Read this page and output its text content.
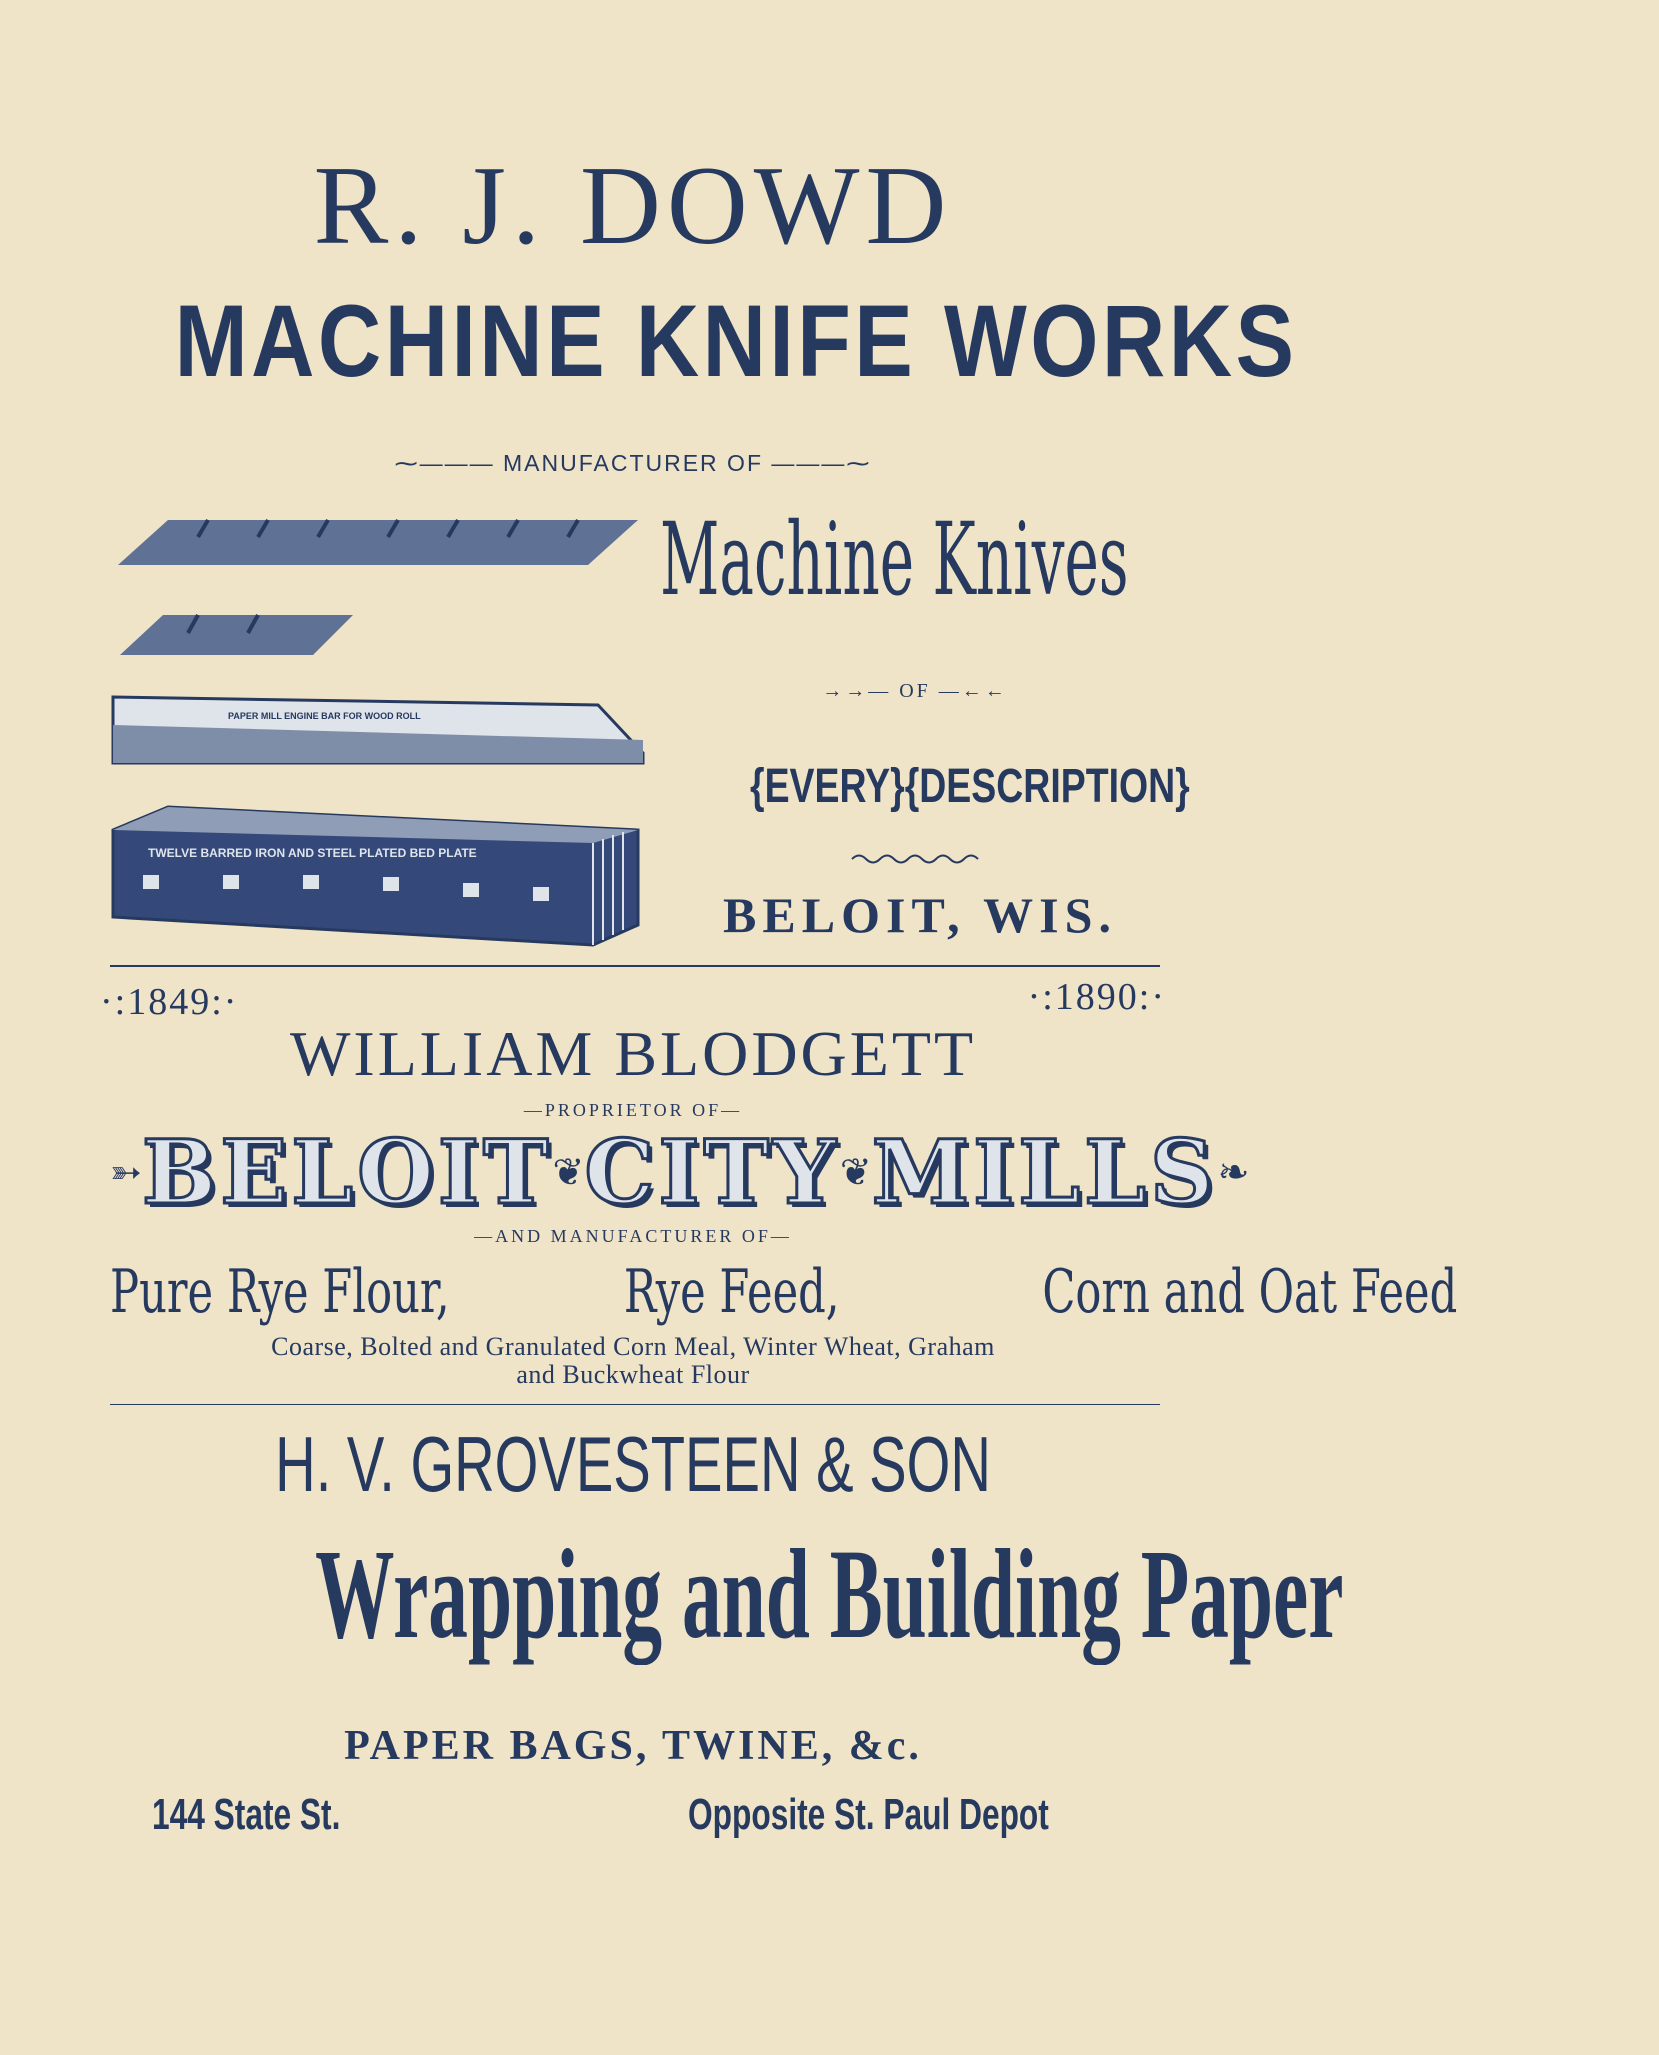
R. J. DOWD
MACHINE KNIFE WORKS
⁓——— MANUFACTURER OF ———⁓
PAPER MILL ENGINE BAR FOR WOOD ROLL
TWELVE BARRED IRON AND STEEL PLATED BED PLATE
Machine Knives
→→— OF —←←
{EVERY}{DESCRIPTION}
BELOIT, WIS.
·:1849:·	·:1890:·
WILLIAM BLODGETT
—PROPRIETOR OF—
➳ BELOIT ❦ CITY ❦ MILLS ❧
—AND MANUFACTURER OF—
Pure Rye Flour,	Rye Feed,	Corn and Oat Feed
Coarse, Bolted and Granulated Corn Meal, Winter Wheat, Graham
and Buckwheat Flour
H. V. GROVESTEEN & SON
Wrapping and Building Paper
PAPER BAGS, TWINE, &c.
144 State St.	Opposite St. Paul Depot
